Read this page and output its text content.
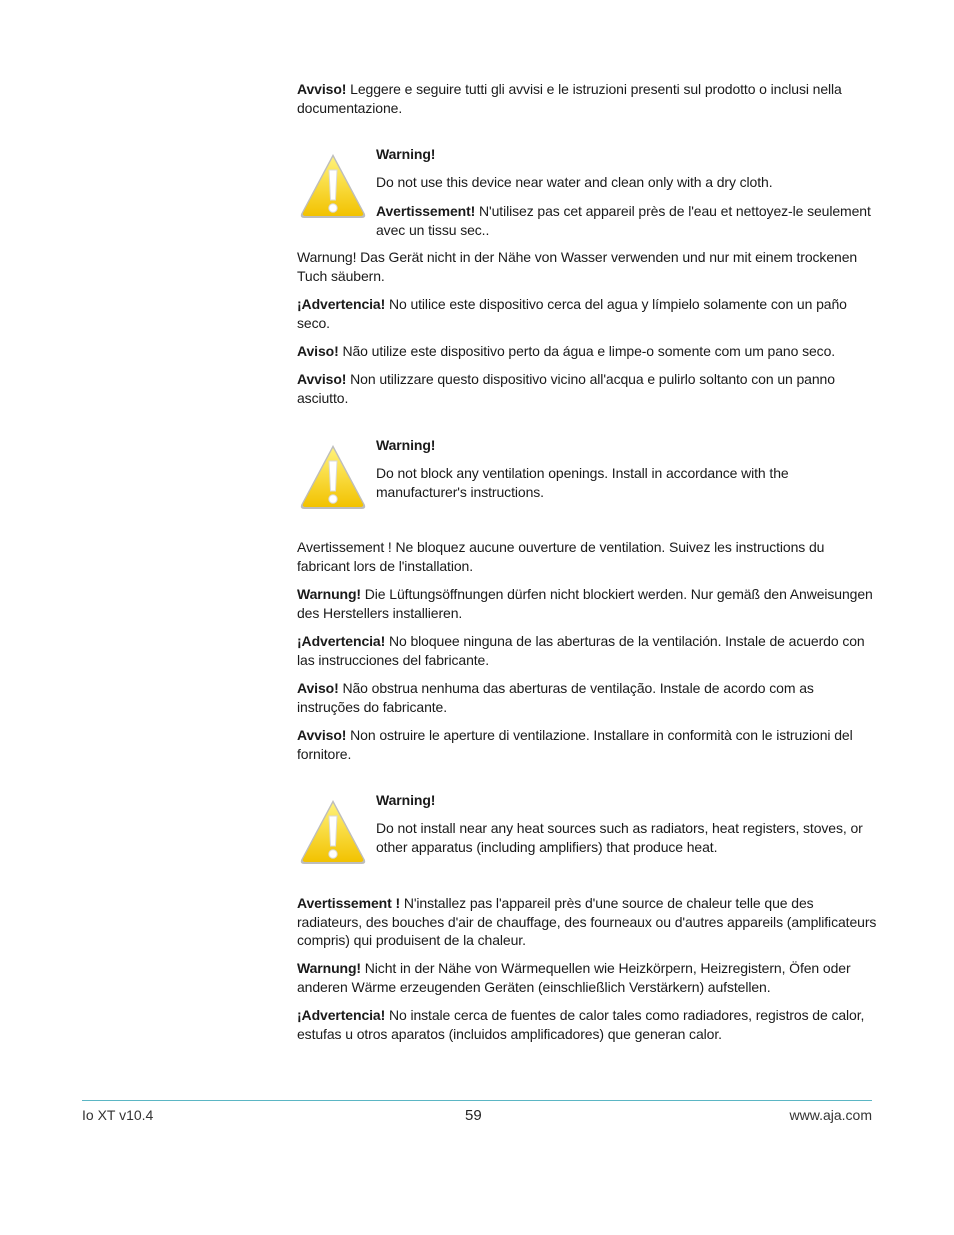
Avviso! Leggere e seguire tutti gli avvisi e le istruzioni presenti sul prodotto o inclusi nella documentazione.

Warning!

Do not use this device near water and clean only with a dry cloth.

Avertissement! N'utilisez pas cet appareil près de l'eau et nettoyez-le seulement avec un tissu sec..

Warnung! Das Gerät nicht in der Nähe von Wasser verwenden und nur mit einem trockenen Tuch säubern.

¡Advertencia! No utilice este dispositivo cerca del agua y límpielo solamente con un paño seco.

Aviso! Não utilize este dispositivo perto da água e limpe-o somente com um pano seco.

Avviso! Non utilizzare questo dispositivo vicino all'acqua e pulirlo soltanto con un panno asciutto.

Warning!

Do not block any ventilation openings. Install in accordance with the manufacturer's instructions.

Avertissement ! Ne bloquez aucune ouverture de ventilation. Suivez les instructions du fabricant lors de l'installation.

Warnung! Die Lüftungsöffnungen dürfen nicht blockiert werden. Nur gemäß den Anweisungen des Herstellers installieren.

¡Advertencia! No bloquee ninguna de las aberturas de la ventilación. Instale de acuerdo con las instrucciones del fabricante.

Aviso! Não obstrua nenhuma das aberturas de ventilação. Instale de acordo com as instruções do fabricante.

Avviso! Non ostruire le aperture di ventilazione. Installare in conformità con le istruzioni del fornitore.

Warning!

Do not install near any heat sources such as radiators, heat registers, stoves, or other apparatus (including amplifiers) that produce heat.

Avertissement ! N'installez pas l'appareil près d'une source de chaleur telle que des radiateurs, des bouches d'air de chauffage, des fourneaux ou d'autres appareils (amplificateurs compris) qui produisent de la chaleur.

Warnung! Nicht in der Nähe von Wärmequellen wie Heizkörpern, Heizregistern, Öfen oder anderen Wärme erzeugenden Geräten (einschließlich Verstärkern) aufstellen.

¡Advertencia! No instale cerca de fuentes de calor tales como radiadores, registros de calor, estufas u otros aparatos (incluidos amplificadores) que generan calor.

Io XT v10.4	59	www.aja.com
